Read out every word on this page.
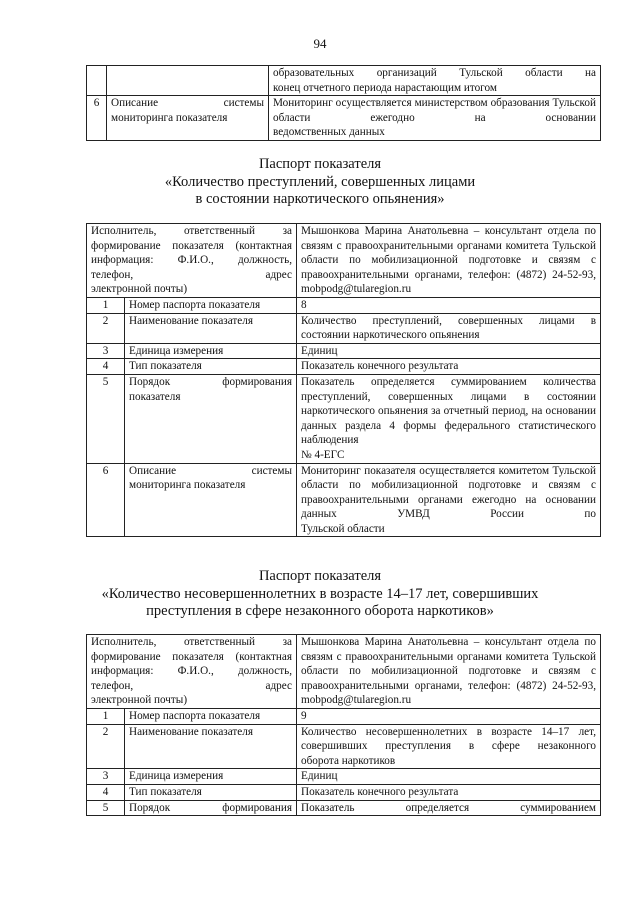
94
		образовательных организаций Тульской области на
конец отчетного периода нарастающим итогом

6	Описание системы
мониторинга показателя	Мониторинг осуществляется министерством образования Тульской области ежегодно на основании
ведомственных данных
Паспорт показателя
«Количество преступлений, совершенных лицами
в состоянии наркотического опьянения»
Исполнитель, ответственный за формирование показателя (контактная информация: Ф.И.О., должность, телефон, адрес
электронной почты)		Мышонкова Марина Анатольевна – консультант отдела по связям с правоохранительными органами комитета Тульской области по мобилизационной подготовке и связям с правоохранительными органами, телефон: (4872) 24-52-93,
mobpodg@tularegion.ru

1	Номер паспорта показателя	8
2	Наименование показателя	Количество преступлений, совершенных лицами в
состоянии наркотического опьянения

3	Единица измерения	Единиц
4	Тип показателя	Показатель конечного результата
5	Порядок формирования
показателя	Показатель определяется суммированием количества преступлений, совершенных лицами в состоянии наркотического опьянения за отчетный период, на основании данных раздела 4 формы федерального статистического наблюдения
№ 4-ЕГС

6	Описание системы
мониторинга показателя	Мониторинг показателя осуществляется комитетом Тульской области по мобилизационной подготовке и связям с правоохранительными органами ежегодно на основании данных УМВД России по
Тульской области
Паспорт показателя
«Количество несовершеннолетних в возрасте 14–17 лет, совершивших
преступления в сфере незаконного оборота наркотиков»
Исполнитель, ответственный за формирование показателя (контактная информация: Ф.И.О., должность, телефон, адрес
электронной почты)		Мышонкова Марина Анатольевна – консультант отдела по связям с правоохранительными органами комитета Тульской области по мобилизационной подготовке и связям с правоохранительными органами, телефон: (4872) 24-52-93,
mobpodg@tularegion.ru

1	Номер паспорта показателя	9
2	Наименование показателя	Количество несовершеннолетних в возрасте 14–17 лет, совершивших преступления в сфере незаконного
оборота наркотиков

3	Единица измерения	Единиц
4	Тип показателя	Показатель конечного результата
5	Порядок формирования	Показатель определяется суммированием
